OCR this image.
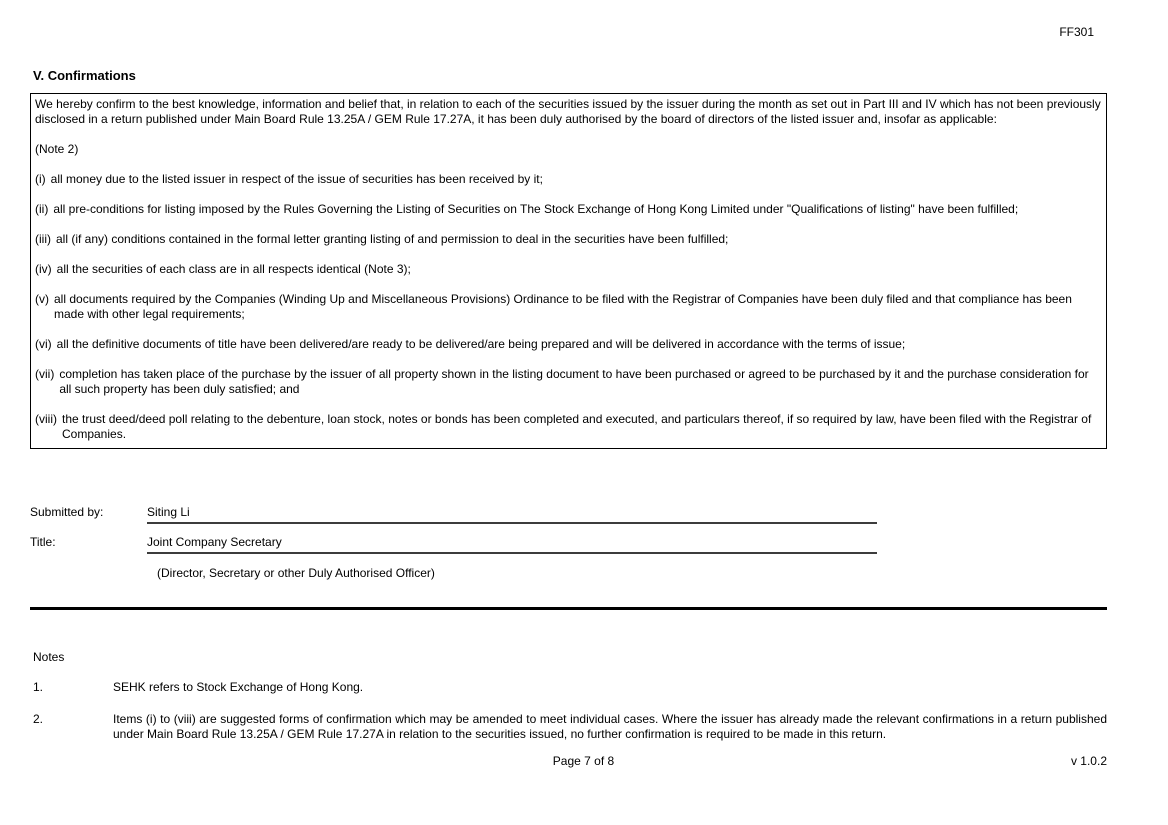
FF301
V. Confirmations

We hereby confirm to the best knowledge, information and belief that, in relation to each of the securities issued by the issuer during the month as set out in Part III and IV which has not been previously disclosed in a return published under Main Board Rule 13.25A / GEM Rule 17.27A, it has been duly authorised by the board of directors of the listed issuer and, insofar as applicable:

(Note 2)

(i) all money due to the listed issuer in respect of the issue of securities has been received by it;
(ii) all pre-conditions for listing imposed by the Rules Governing the Listing of Securities on The Stock Exchange of Hong Kong Limited under "Qualifications of listing" have been fulfilled;
(iii) all (if any) conditions contained in the formal letter granting listing of and permission to deal in the securities have been fulfilled;
(iv) all the securities of each class are in all respects identical (Note 3);
(v) all documents required by the Companies (Winding Up and Miscellaneous Provisions) Ordinance to be filed with the Registrar of Companies have been duly filed and that compliance has been made with other legal requirements;
(vi) all the definitive documents of title have been delivered/are ready to be delivered/are being prepared and will be delivered in accordance with the terms of issue;
(vii) completion has taken place of the purchase by the issuer of all property shown in the listing document to have been purchased or agreed to be purchased by it and the purchase consideration for all such property has been duly satisfied; and
(viii) the trust deed/deed poll relating to the debenture, loan stock, notes or bonds has been completed and executed, and particulars thereof, if so required by law, have been filed with the Registrar of Companies.
Submitted by:	Siting Li
Title:	Joint Company Secretary
(Director, Secretary or other Duly Authorised Officer)
Notes
1.	SEHK refers to Stock Exchange of Hong Kong.
2.	Items (i) to (viii) are suggested forms of confirmation which may be amended to meet individual cases. Where the issuer has already made the relevant confirmations in a return published under Main Board Rule 13.25A / GEM Rule 17.27A in relation to the securities issued, no further confirmation is required to be made in this return.
Page 7 of 8	v 1.0.2
